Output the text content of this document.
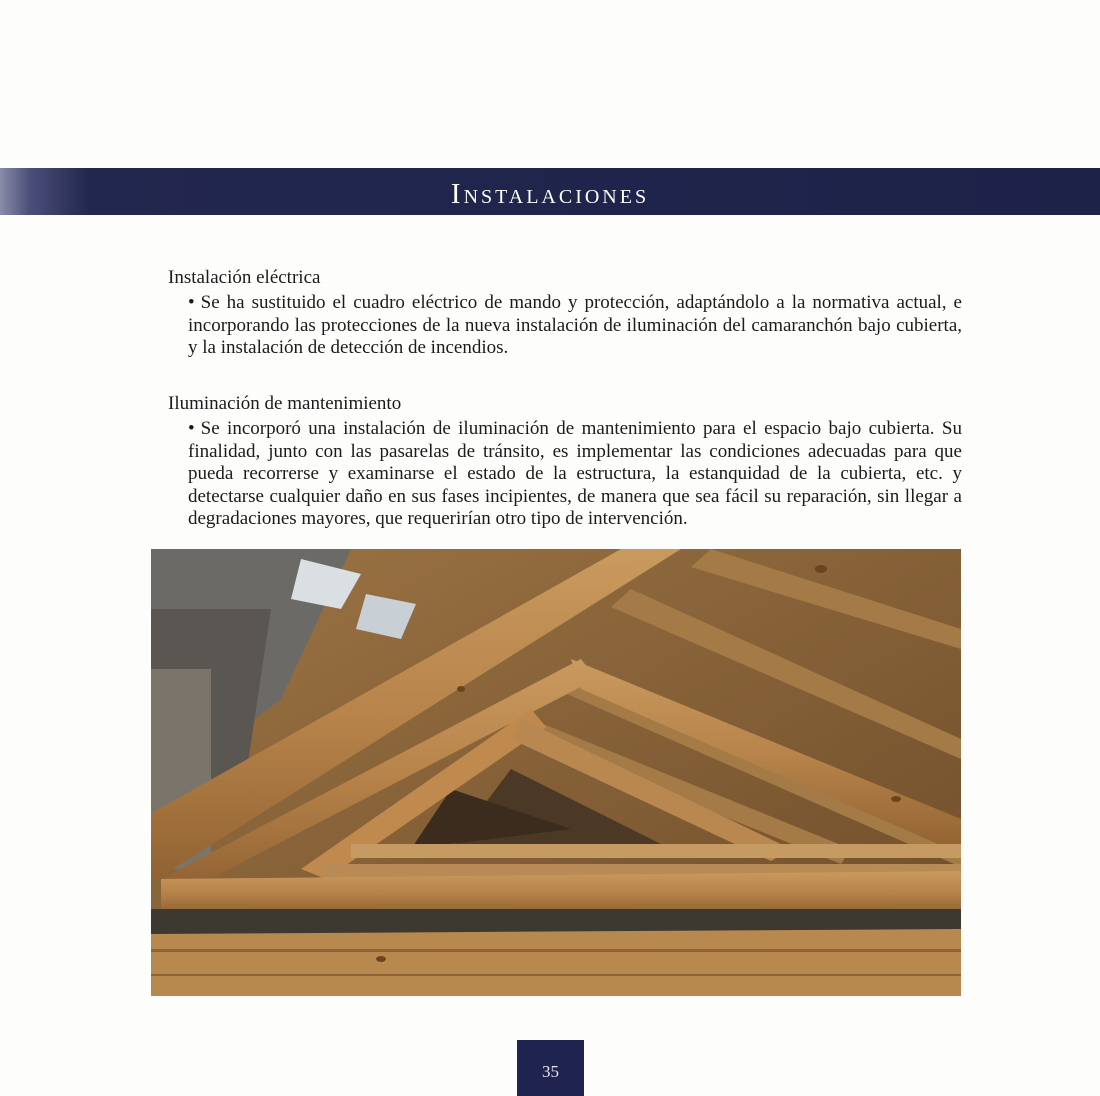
Instalaciones

Instalación eléctrica

• Se ha sustituido el cuadro eléctrico de mando y protección, adaptándolo a la normativa actual, e incorporando las protecciones de la nueva instalación de iluminación del camaranchón bajo cubierta, y la instalación de detección de incendios.

Iluminación de mantenimiento

• Se incorporó una instalación de iluminación de mantenimiento para el espacio bajo cubierta. Su finalidad, junto con las pasarelas de tránsito, es implementar las condiciones adecuadas para que pueda recorrerse y examinarse el estado de la estructura, la estanquidad de la cubierta, etc. y detectarse cualquier daño en sus fases incipientes, de manera que sea fácil su reparación, sin llegar a degradaciones mayores, que requerirían otro tipo de intervención.

35
